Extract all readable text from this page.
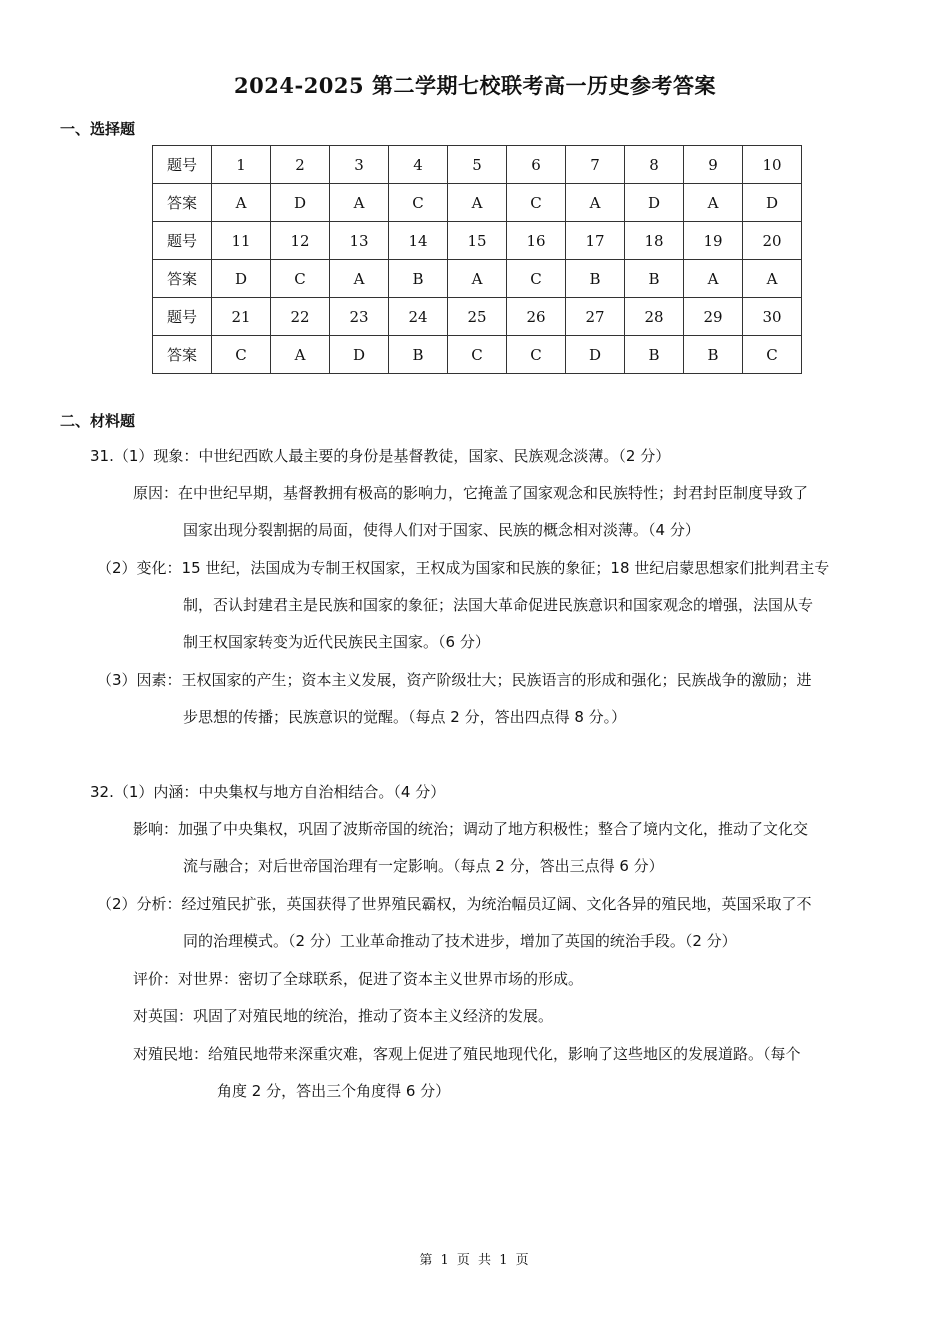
2024-2025 第二学期七校联考高一历史参考答案
一、选择题
题号	1	2	3	4	5	6	7	8	9	10
答案	A	D	A	C	A	C	A	D	A	D
题号	11	12	13	14	15	16	17	18	19	20
答案	D	C	A	B	A	C	B	B	A	A
题号	21	22	23	24	25	26	27	28	29	30
答案	C	A	D	B	C	C	D	B	B	C
二、材料题
31.（1）现象：中世纪西欧人最主要的身份是基督教徒，国家、民族观念淡薄。（2 分）
原因：在中世纪早期，基督教拥有极高的影响力，它掩盖了国家观念和民族特性；封君封臣制度导致了
国家出现分裂割据的局面，使得人们对于国家、民族的概念相对淡薄。（4 分）
（2）变化：15 世纪，法国成为专制王权国家，王权成为国家和民族的象征；18 世纪启蒙思想家们批判君主专
制，否认封建君主是民族和国家的象征；法国大革命促进民族意识和国家观念的增强，法国从专
制王权国家转变为近代民族民主国家。（6 分）
（3）因素：王权国家的产生；资本主义发展，资产阶级壮大；民族语言的形成和强化；民族战争的激励；进
步思想的传播；民族意识的觉醒。（每点 2 分，答出四点得 8 分。）
32.（1）内涵：中央集权与地方自治相结合。（4 分）
影响：加强了中央集权，巩固了波斯帝国的统治；调动了地方积极性；整合了境内文化，推动了文化交
流与融合；对后世帝国治理有一定影响。（每点 2 分，答出三点得 6 分）
（2）分析：经过殖民扩张，英国获得了世界殖民霸权，为统治幅员辽阔、文化各异的殖民地，英国采取了不
同的治理模式。（2 分）工业革命推动了技术进步，增加了英国的统治手段。（2 分）
评价：对世界：密切了全球联系，促进了资本主义世界市场的形成。
对英国：巩固了对殖民地的统治，推动了资本主义经济的发展。
对殖民地：给殖民地带来深重灾难，客观上促进了殖民地现代化，影响了这些地区的发展道路。（每个
角度 2 分，答出三个角度得 6 分）
第 1 页 共 1 页
